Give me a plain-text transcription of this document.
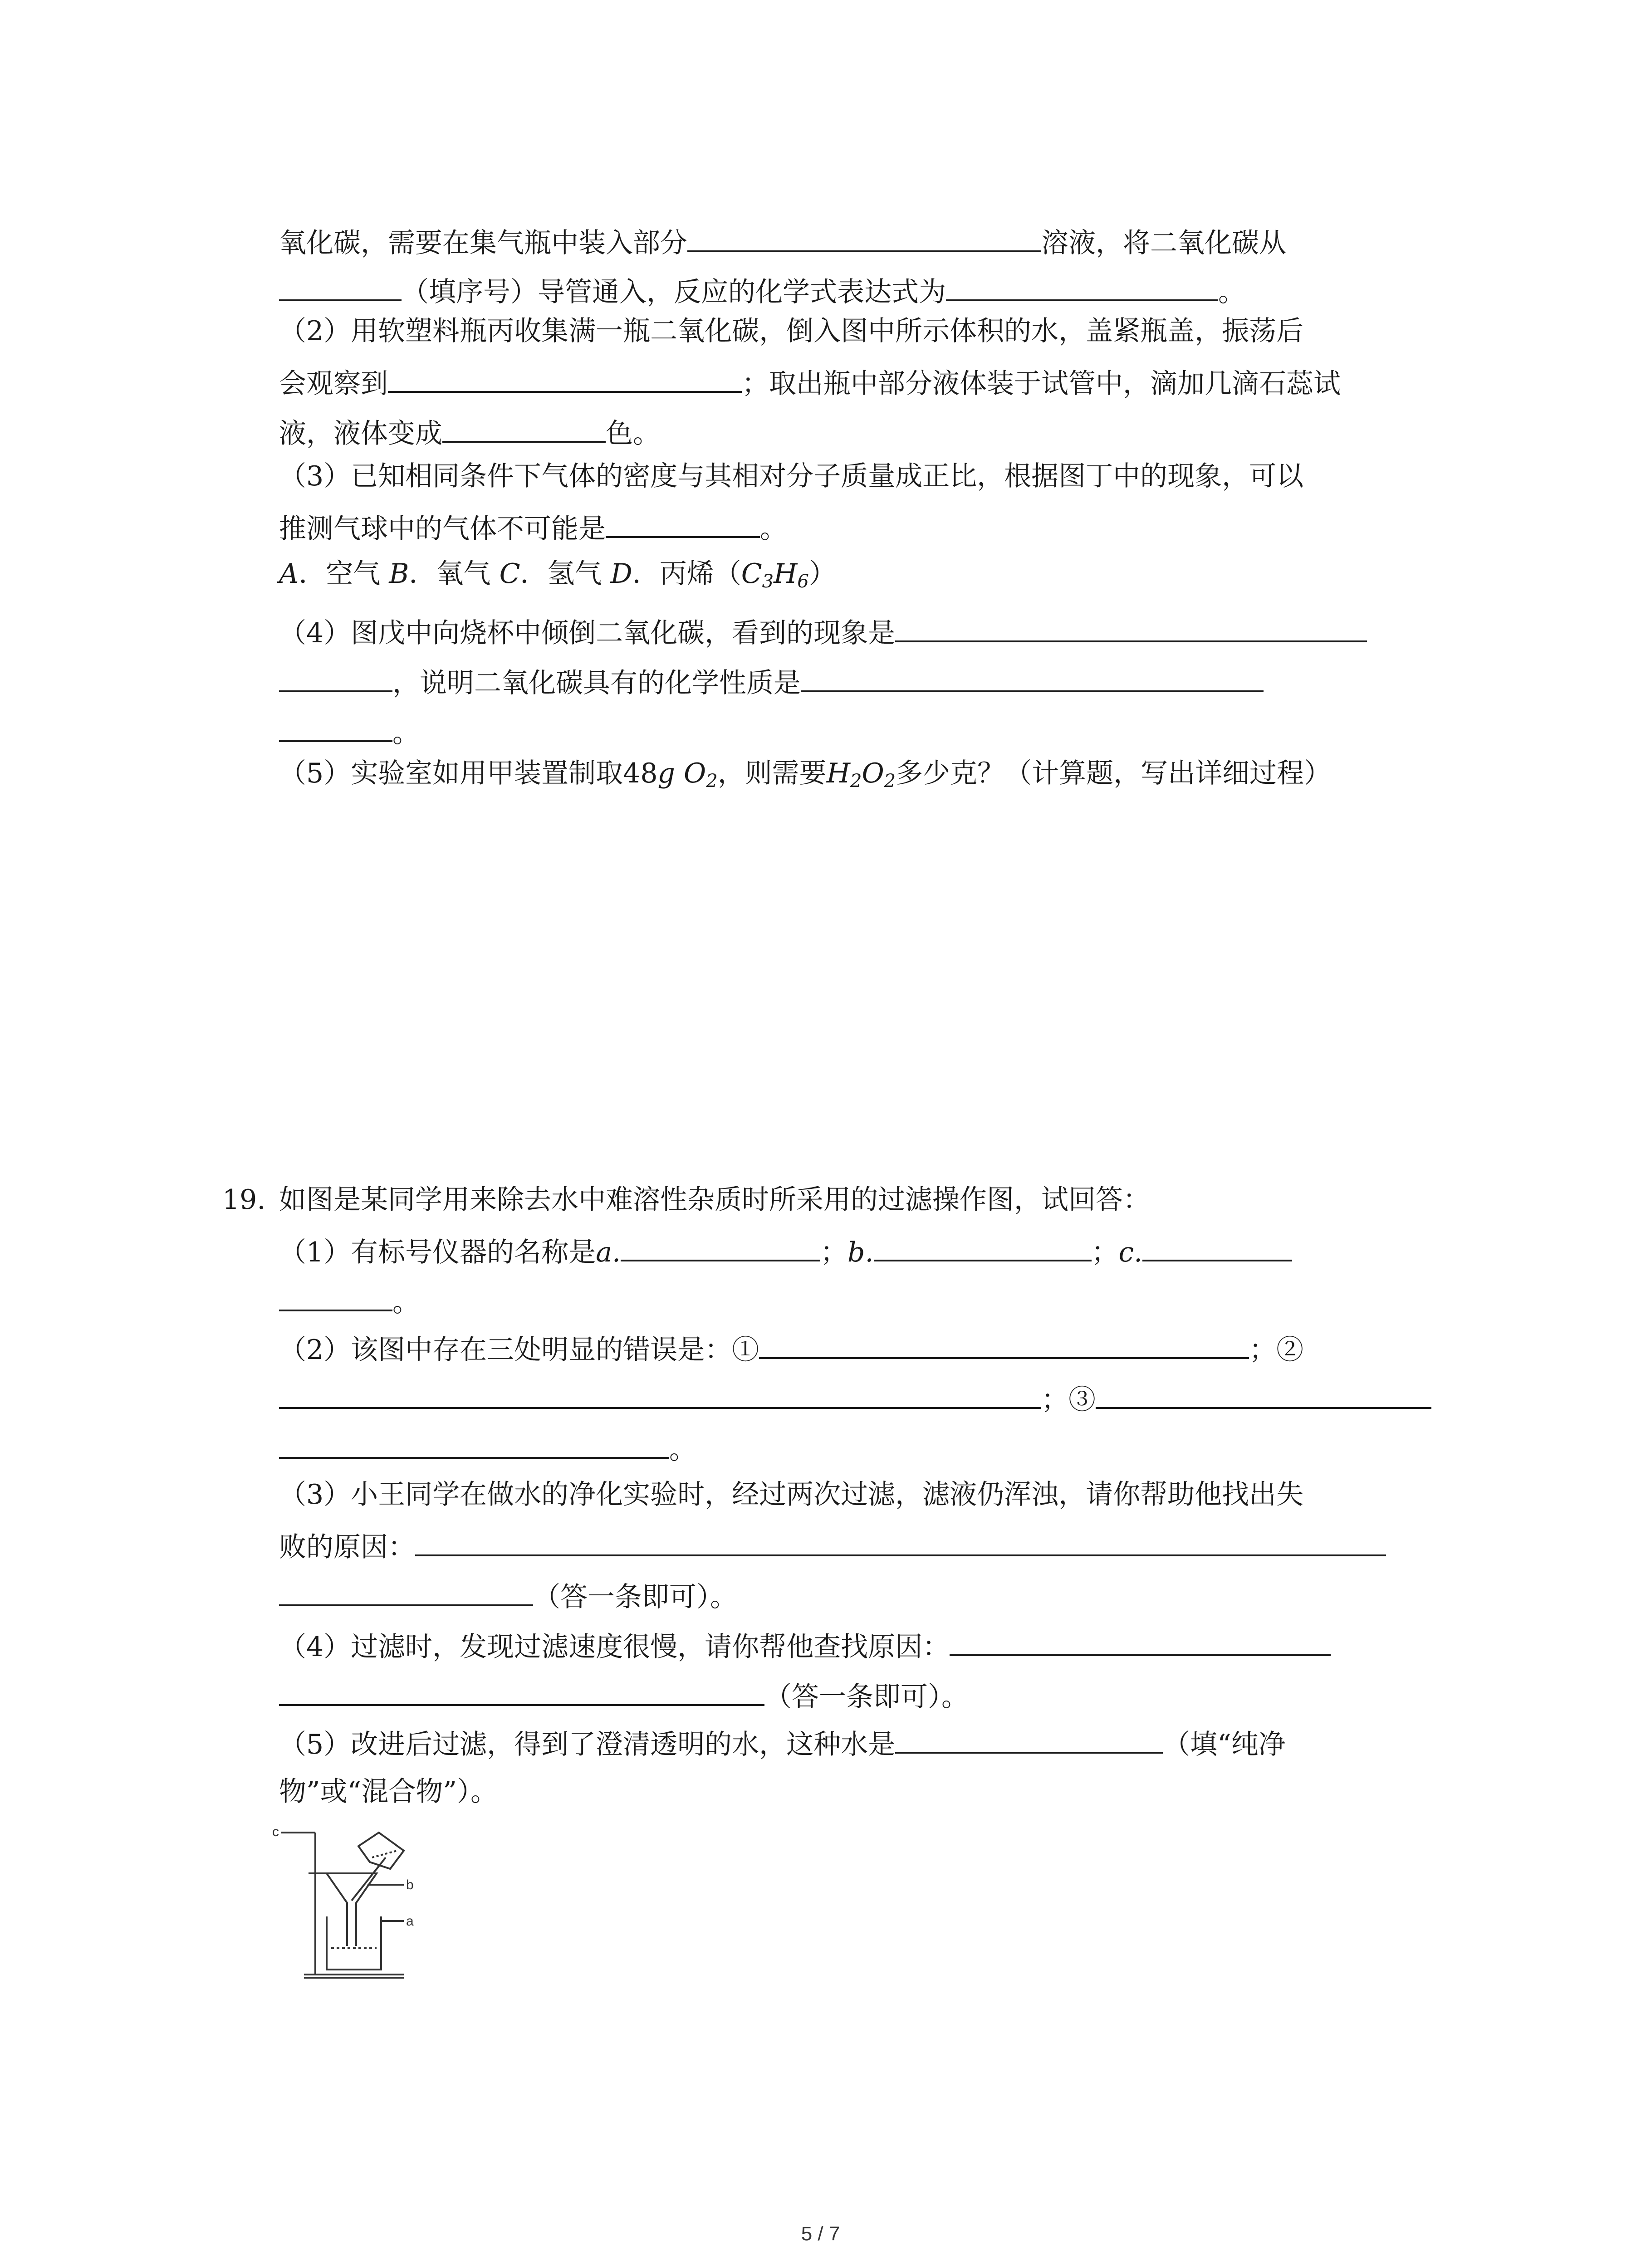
氧化碳，需要在集气瓶中装入部分	溶液，将二氧化碳从
（填序号）导管通入，反应的化学式表达式为	。
（2）用软塑料瓶丙收集满一瓶二氧化碳，倒入图中所示体积的水，盖紧瓶盖，振荡后
会观察到	；取出瓶中部分液体装于试管中，滴加几滴石蕊试
液，液体变成	色。
（3）已知相同条件下气体的密度与其相对分子质量成正比，根据图丁中的现象，可以
推测气球中的气体不可能是	。
A．空气 B．氧气 C．氢气 D．丙烯$(C_3H_6)$
（4）图戊中向烧杯中倾倒二氧化碳，看到的现象是
，说明二氧化碳具有的化学性质是
。
（5）实验室如用甲装置制取48g $O_2$，则需要$H_2O_2$多少克？（计算题，写出详细过程）
19. 如图是某同学用来除去水中难溶性杂质时所采用的过滤操作图，试回答：
（1）有标号仪器的名称是a.	；b.	；c.
。
（2）该图中存在三处明显的错误是：①	；②
；③
。
（3）小王同学在做水的净化实验时，经过两次过滤，滤液仍浑浊，请你帮助他找出失
败的原因：
（答一条即可）。
（4）过滤时，发现过滤速度很慢，请你帮他查找原因：
（答一条即可）。
（5）改进后过滤，得到了澄清透明的水，这种水是	（填“纯净
物”或“混合物”）。
c
b
a
5 / 7
